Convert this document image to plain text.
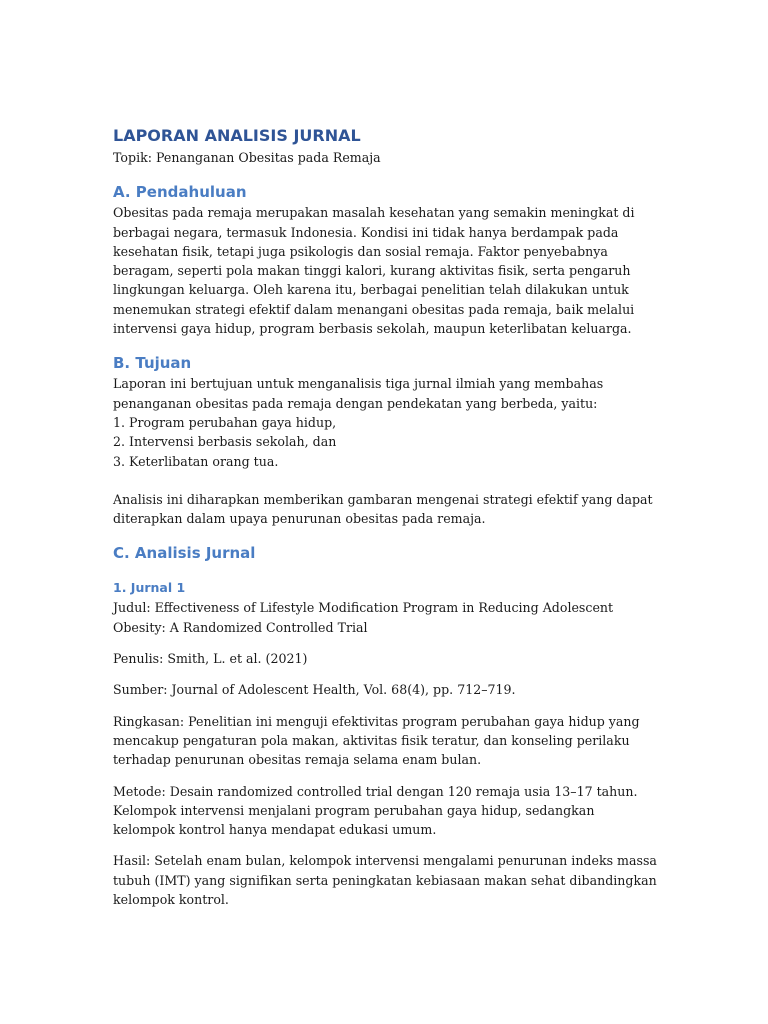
LAPORAN ANALISIS JURNAL

Topik: Penanganan Obesitas pada Remaja

A. Pendahuluan

Obesitas pada remaja merupakan masalah kesehatan yang semakin meningkat di berbagai negara, termasuk Indonesia. Kondisi ini tidak hanya berdampak pada kesehatan fisik, tetapi juga psikologis dan sosial remaja. Faktor penyebabnya beragam, seperti pola makan tinggi kalori, kurang aktivitas fisik, serta pengaruh lingkungan keluarga. Oleh karena itu, berbagai penelitian telah dilakukan untuk menemukan strategi efektif dalam menangani obesitas pada remaja, baik melalui intervensi gaya hidup, program berbasis sekolah, maupun keterlibatan keluarga.

B. Tujuan

Laporan ini bertujuan untuk menganalisis tiga jurnal ilmiah yang membahas penanganan obesitas pada remaja dengan pendekatan yang berbeda, yaitu:

1. Program perubahan gaya hidup,
2. Intervensi berbasis sekolah, dan
3. Keterlibatan orang tua.

Analisis ini diharapkan memberikan gambaran mengenai strategi efektif yang dapat diterapkan dalam upaya penurunan obesitas pada remaja.

C. Analisis Jurnal
1. Jurnal 1

Judul: Effectiveness of Lifestyle Modification Program in Reducing Adolescent Obesity: A Randomized Controlled Trial

Penulis: Smith, L. et al. (2021)

Sumber: Journal of Adolescent Health, Vol. 68(4), pp. 712–719.

Ringkasan: Penelitian ini menguji efektivitas program perubahan gaya hidup yang mencakup pengaturan pola makan, aktivitas fisik teratur, dan konseling perilaku terhadap penurunan obesitas remaja selama enam bulan.

Metode: Desain randomized controlled trial dengan 120 remaja usia 13–17 tahun. Kelompok intervensi menjalani program perubahan gaya hidup, sedangkan kelompok kontrol hanya mendapat edukasi umum.

Hasil: Setelah enam bulan, kelompok intervensi mengalami penurunan indeks massa tubuh (IMT) yang signifikan serta peningkatan kebiasaan makan sehat dibandingkan kelompok kontrol.
